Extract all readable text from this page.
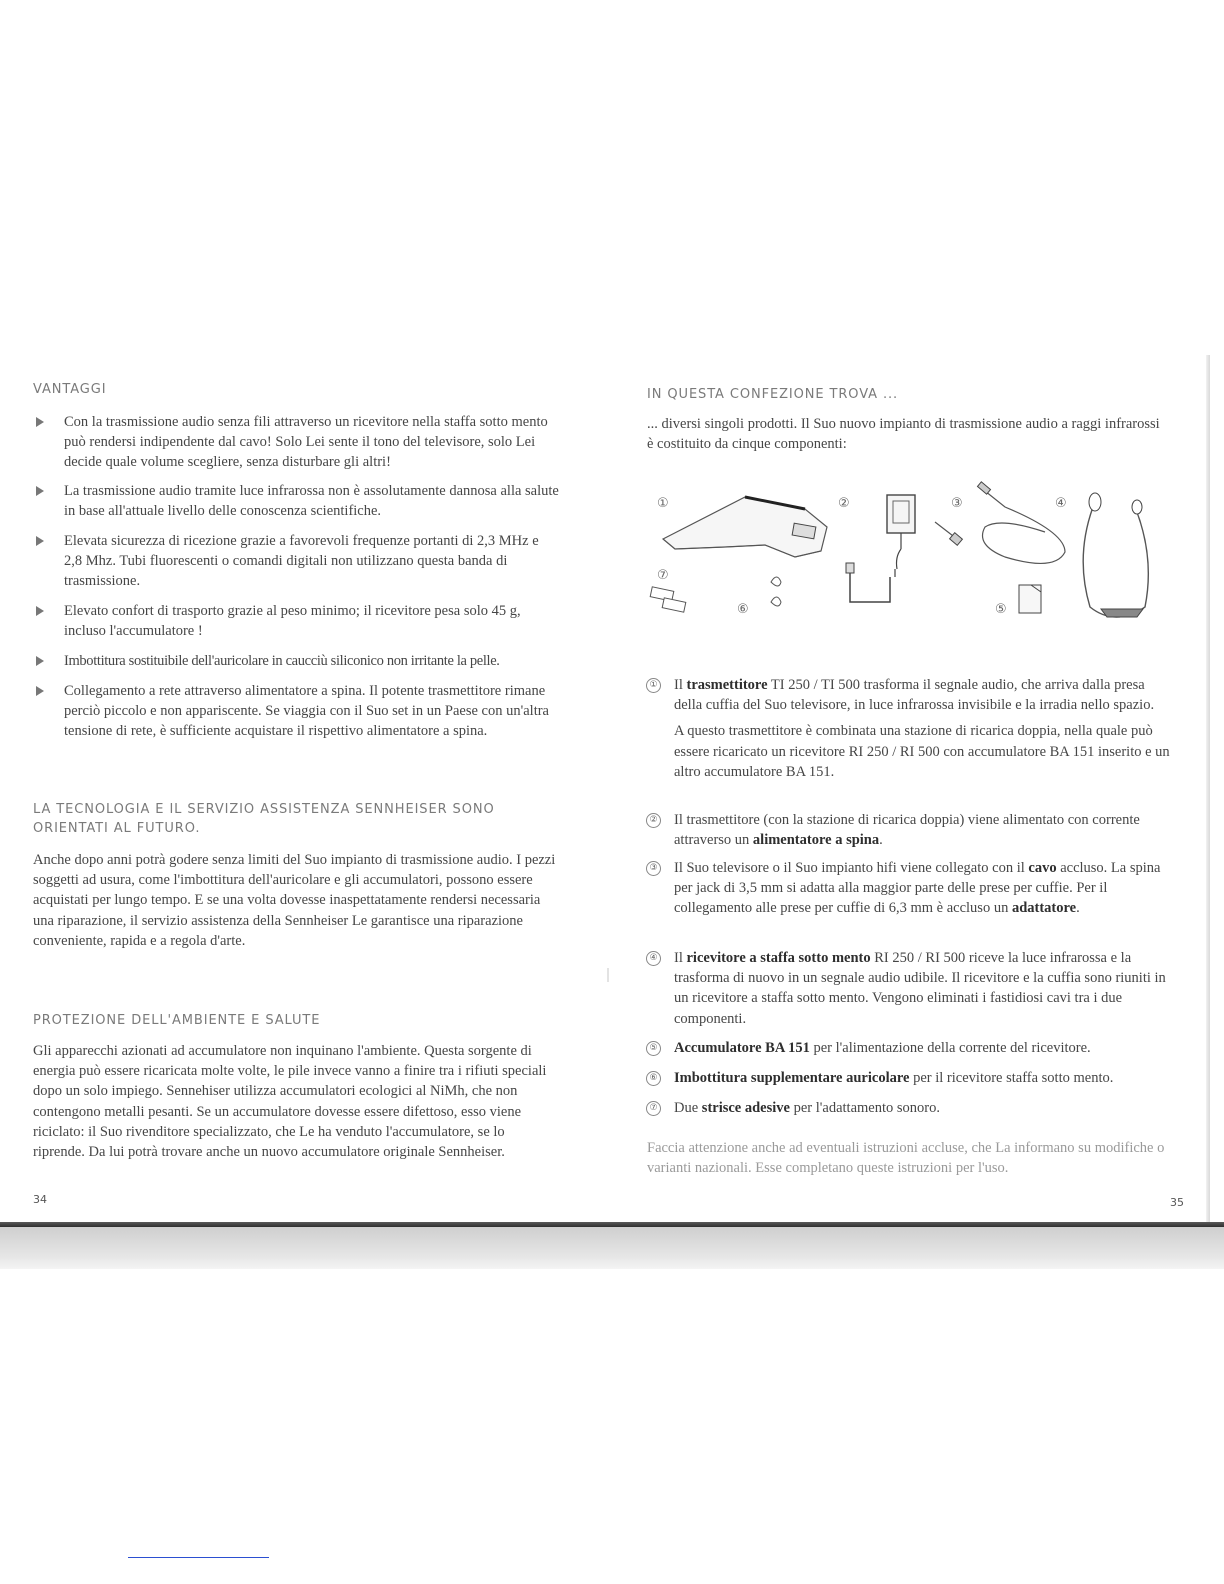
VANTAGGI
Con la trasmissione audio senza fili attraverso un ricevitore nella staffa sotto mento può rendersi indipendente dal cavo! Solo Lei sente il tono del televisore, solo Lei decide quale volume scegliere, senza disturbare gli altri!
La trasmissione audio tramite luce infrarossa non è assolutamente dannosa alla salute in base all'attuale livello delle conoscenza scientifiche.
Elevata sicurezza di ricezione grazie a favorevoli frequenze portanti di 2,3 MHz e 2,8 Mhz. Tubi fluorescenti o comandi digitali non utilizzano questa banda di trasmissione.
Elevato confort di trasporto grazie al peso minimo; il ricevitore pesa solo 45 g, incluso l'accumulatore !
Imbottitura sostituibile dell'auricolare in caucciù siliconico non irritante la pelle.
Collegamento a rete attraverso alimentatore a spina. Il potente trasmettitore rimane perciò piccolo e non appariscente. Se viaggia con il Suo set in un Paese con un'altra tensione di rete, è sufficiente acquistare il rispettivo alimentatore a spina.
LA TECNOLOGIA E IL SERVIZIO ASSISTENZA SENNHEISER SONO ORIENTATI AL FUTURO.

Anche dopo anni potrà godere senza limiti del Suo impianto di trasmissione audio. I pezzi soggetti ad usura, come l'imbottitura dell'auricolare e gli accumulatori, possono essere acquistati per lungo tempo. E se una volta dovesse inaspettatamente rendersi necessaria una riparazione, il servizio assistenza della Sennheiser Le garantisce una riparazione conveniente, rapida e a regola d'arte.

PROTEZIONE DELL'AMBIENTE E SALUTE

Gli apparecchi azionati ad accumulatore non inquinano l'ambiente. Questa sorgente di energia può essere ricaricata molte volte, le pile invece vanno a finire tra i rifiuti speciali dopo un solo impiego. Sennehiser utilizza accumulatori ecologici al NiMh, che non contengono metalli pesanti. Se un accumulatore dovesse essere difettoso, esso viene riciclato: il Suo rivenditore specializzato, che Le ha venduto l'accumulatore, se lo riprende. Da lui potrà trovare anche un nuovo accumulatore originale Sennheiser.

34
IN QUESTA CONFEZIONE TROVA ...

... diversi singoli prodotti. Il Suo nuovo impianto di trasmissione audio a raggi infrarossi è costituito da cinque componenti:

①	②	③	④
⑤
⑥
⑦
① Il trasmettitore TI 250 / TI 500 trasforma il segnale audio, che arriva dalla presa della cuffia del Suo televisore, in luce infrarossa invisibile e la irradia nello spazio.
A questo trasmettitore è combinata una stazione di ricarica doppia, nella quale può essere ricaricato un ricevitore RI 250 / RI 500 con accumulatore BA 151 inserito e un altro accumulatore BA 151.
② Il trasmettitore (con la stazione di ricarica doppia) viene alimentato con corrente attraverso un alimentatore a spina.
③ Il Suo televisore o il Suo impianto hifi viene collegato con il cavo accluso. La spina per jack di 3,5 mm si adatta alla maggior parte delle prese per cuffie. Per il collegamento alle prese per cuffie di 6,3 mm è accluso un adattatore.
④ Il ricevitore a staffa sotto mento RI 250 / RI 500 riceve la luce infrarossa e la trasforma di nuovo in un segnale audio udibile. Il ricevitore e la cuffia sono riuniti in un ricevitore a staffa sotto mento. Vengono eliminati i fastidiosi cavi tra i due componenti.
⑤ Accumulatore BA 151 per l'alimentazione della corrente del ricevitore.
⑥ Imbottitura supplementare auricolare per il ricevitore staffa sotto mento.
⑦ Due strisce adesive per l'adattamento sonoro.

Faccia attenzione anche ad eventuali istruzioni accluse, che La informano su modifiche o varianti nazionali. Esse completano queste istruzioni per l'uso.

35
